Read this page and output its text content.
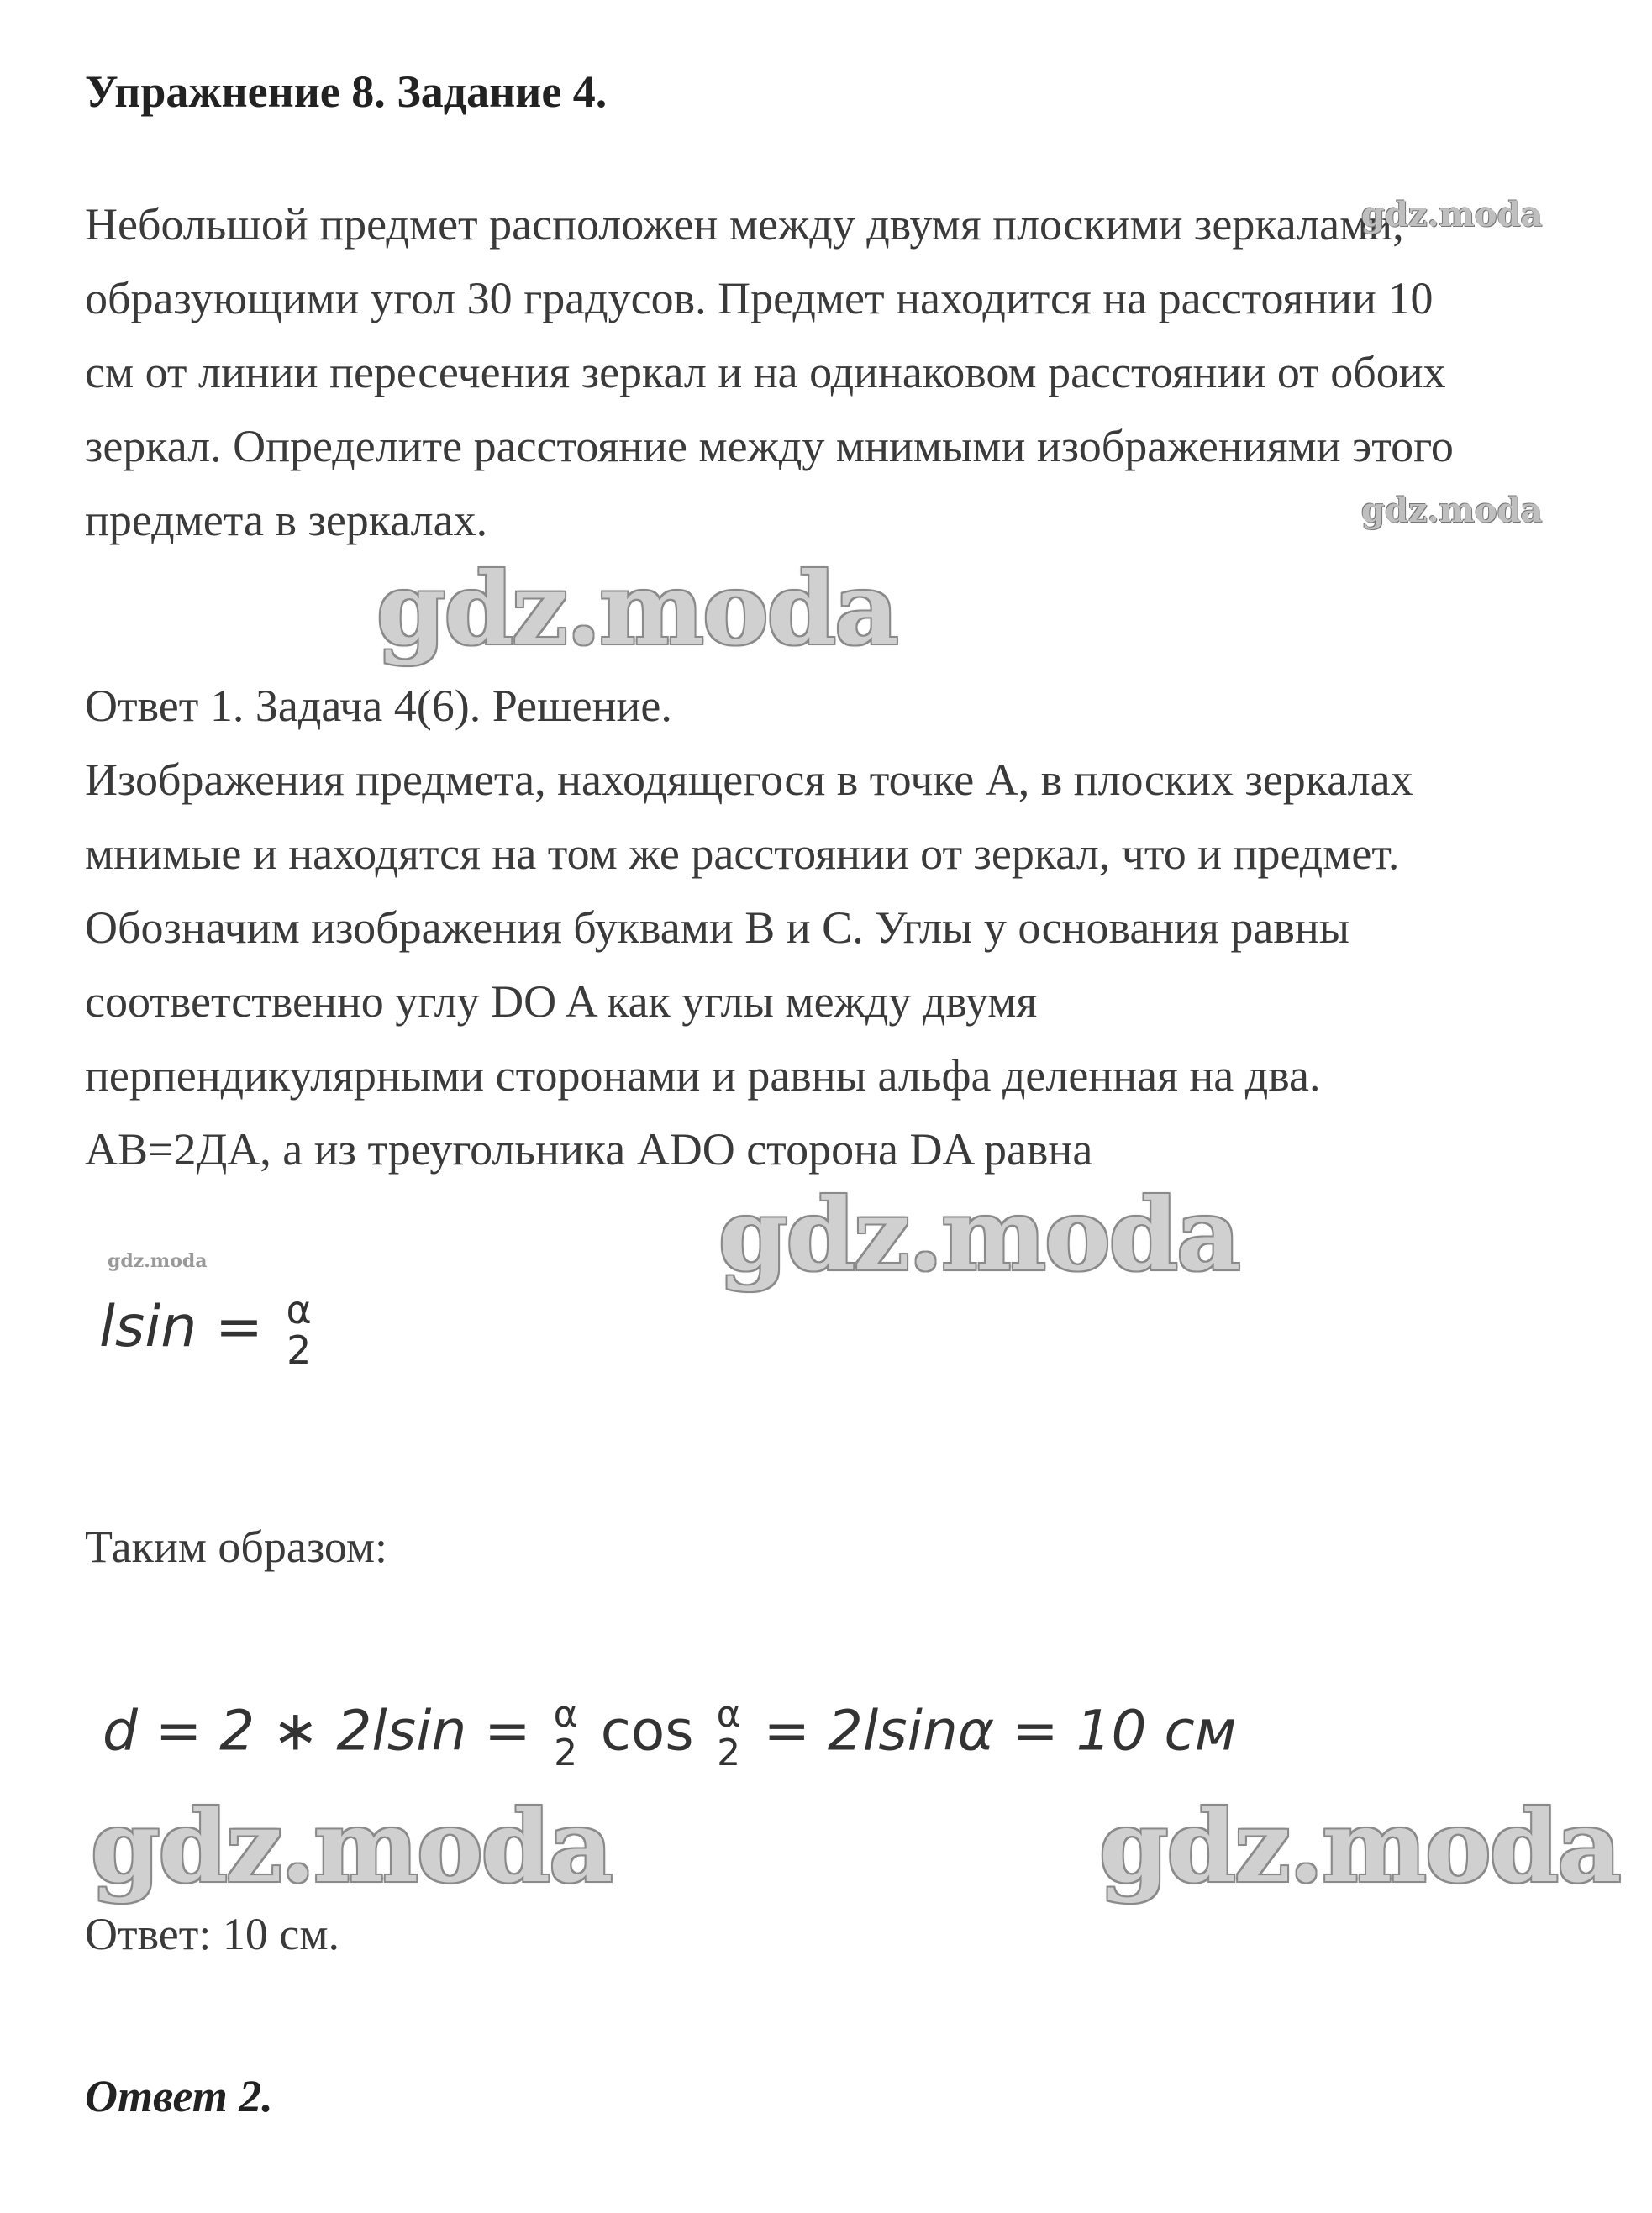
Упражнение 8. Задание 4.
Небольшой предмет расположен между двумя плоскими зеркалами,
образующими угол 30 градусов. Предмет находится на расстоянии 10
см от линии пересечения зеркал и на одинаковом расстоянии от обоих
зеркал. Определите расстояние между мнимыми изображениями этого
предмета в зеркалах.
Ответ 1. Задача 4(6). Решение.
Изображения предмета, находящегося в точке А, в плоских зеркалах
мнимые и находятся на том же расстоянии от зеркал, что и предмет.
Обозначим изображения буквами В и С. Углы у основания равны
соответственно углу DO A как углы между двумя
перпендикулярными сторонами и равны альфа деленная на два.
AB=2ДА, а из треугольника ADO сторона DA равна
lsin = α
2
Таким образом:
d = 2 ∗ 2lsin = α
2 cos α
2 = 2lsinα = 10 см
Ответ: 10 см.
Ответ 2.
gdz.moda
gdz.moda
gdz.moda
gdz.moda
gdz.moda
gdz.moda	gdz.moda
